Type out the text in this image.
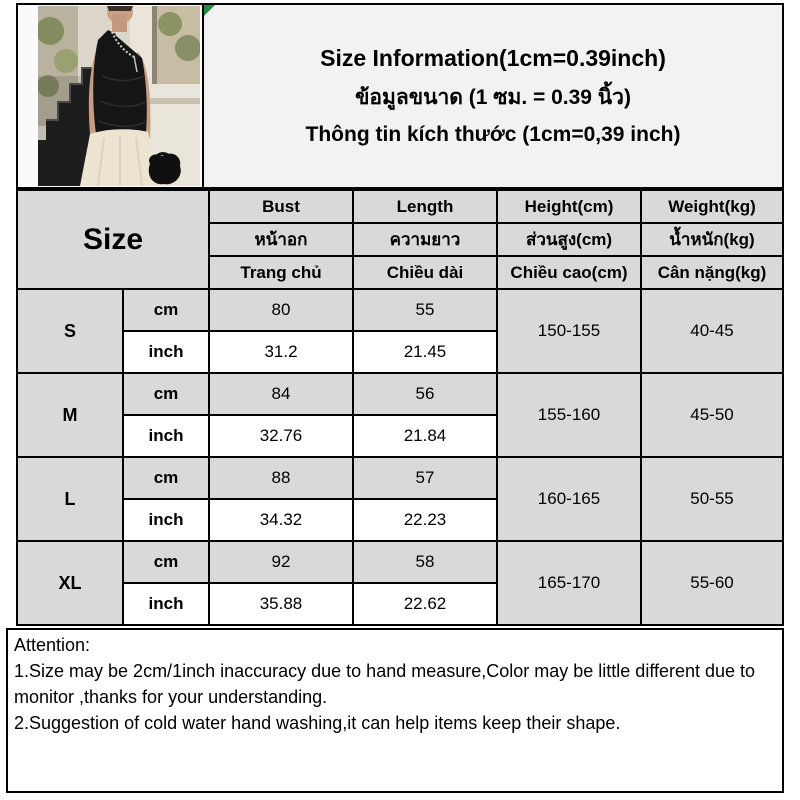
Size Information(1cm=0.39inch)
ข้อมูลขนาด (1 ซม. = 0.39 นิ้ว)
Thông tin kích thước (1cm=0,39 inch)
Size
Bust	Length	Height(cm)	Weight(kg)
หน้าอก	ความยาว	ส่วนสูง(cm)	น้ำหนัก(kg)
Trang chủ	Chiều dài	Chiều cao(cm)	Cân nặng(kg)
S
cm	80	55
inch	31.2	21.45
150-155	40-45
M
cm	84	56
inch	32.76	21.84
155-160	45-50
L
cm	88	57
inch	34.32	22.23
160-165	50-55
XL
cm	92	58
inch	35.88	22.62
165-170	55-60
Attention:
1.Size may be 2cm/1inch inaccuracy due to hand measure,Color may be little different due to monitor ,thanks for your understanding.
2.Suggestion of cold water hand washing,it can help items keep their shape.
